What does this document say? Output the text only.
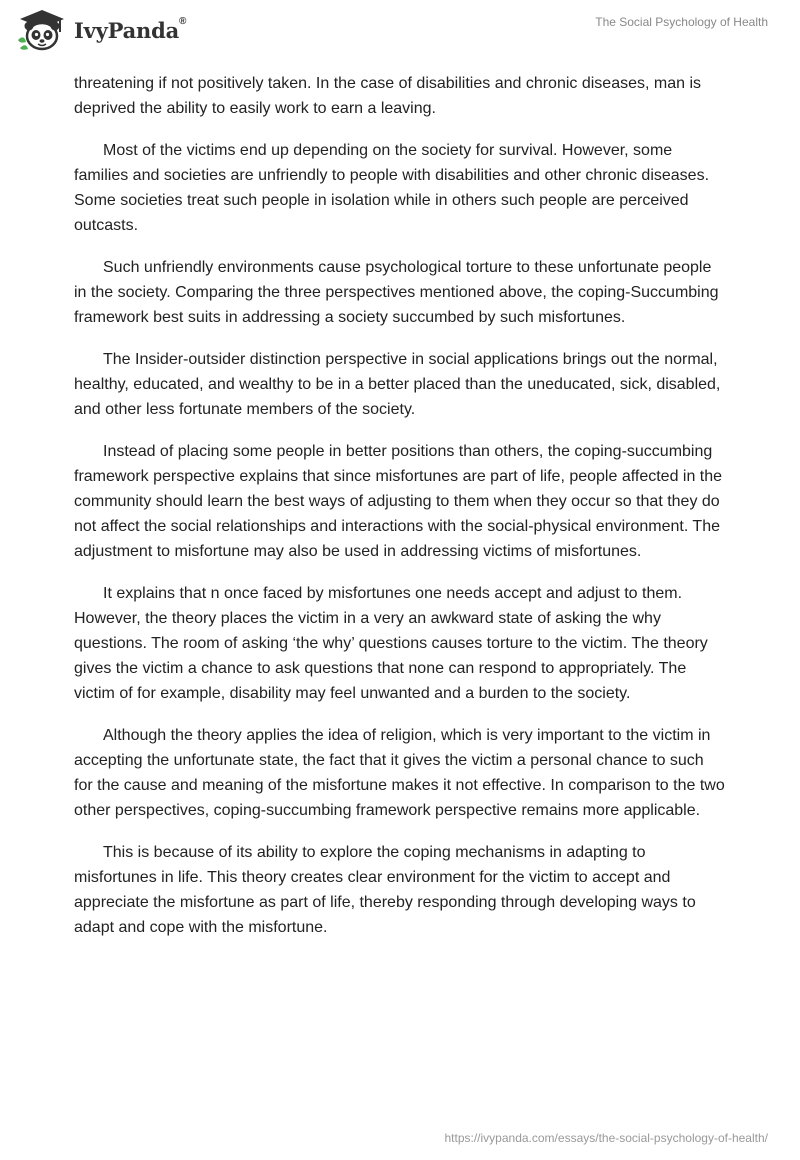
IvyPanda®	The Social Psychology of Health

threatening if not positively taken. In the case of disabilities and chronic diseases, man is deprived the ability to easily work to earn a leaving.

Most of the victims end up depending on the society for survival. However, some families and societies are unfriendly to people with disabilities and other chronic diseases. Some societies treat such people in isolation while in others such people are perceived outcasts.

Such unfriendly environments cause psychological torture to these unfortunate people in the society. Comparing the three perspectives mentioned above, the coping-Succumbing framework best suits in addressing a society succumbed by such misfortunes.

The Insider-outsider distinction perspective in social applications brings out the normal, healthy, educated, and wealthy to be in a better placed than the uneducated, sick, disabled, and other less fortunate members of the society.

Instead of placing some people in better positions than others, the coping-succumbing framework perspective explains that since misfortunes are part of life, people affected in the community should learn the best ways of adjusting to them when they occur so that they do not affect the social relationships and interactions with the social-physical environment. The adjustment to misfortune may also be used in addressing victims of misfortunes.

It explains that n once faced by misfortunes one needs accept and adjust to them. However, the theory places the victim in a very an awkward state of asking the why questions. The room of asking ‘the why’ questions causes torture to the victim. The theory gives the victim a chance to ask questions that none can respond to appropriately. The victim of for example, disability may feel unwanted and a burden to the society.

Although the theory applies the idea of religion, which is very important to the victim in accepting the unfortunate state, the fact that it gives the victim a personal chance to such for the cause and meaning of the misfortune makes it not effective. In comparison to the two other perspectives, coping-succumbing framework perspective remains more applicable.

This is because of its ability to explore the coping mechanisms in adapting to misfortunes in life. This theory creates clear environment for the victim to accept and appreciate the misfortune as part of life, thereby responding through developing ways to adapt and cope with the misfortune.

https://ivypanda.com/essays/the-social-psychology-of-health/
